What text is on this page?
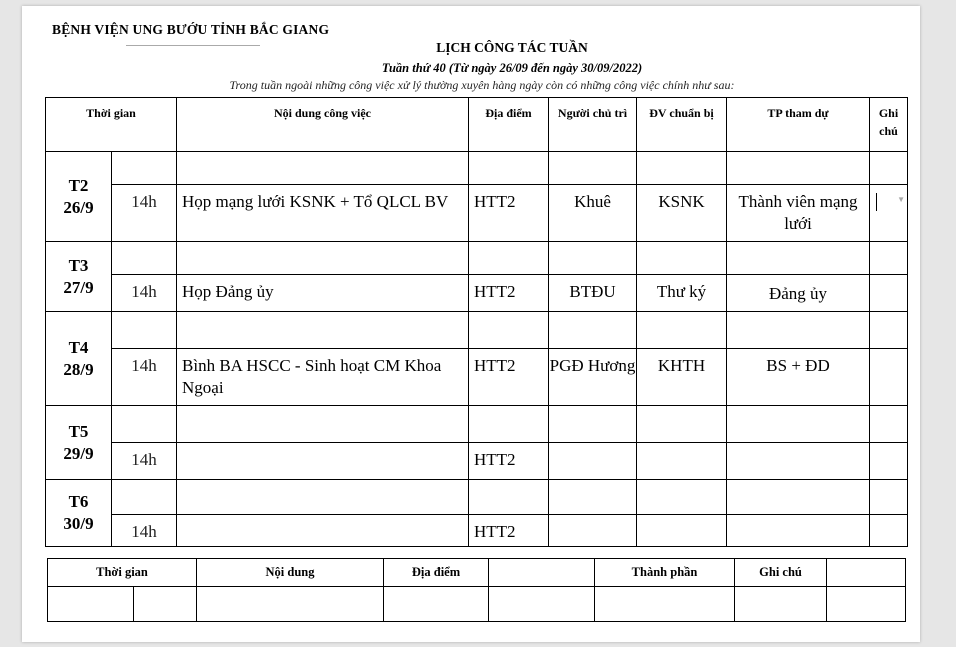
BỆNH VIỆN UNG BƯỚU TỈNH BẮC GIANG
LỊCH CÔNG TÁC TUẦN
Tuần thứ 40 (Từ ngày 26/09 đến ngày 30/09/2022)
Trong tuần ngoài những công việc xử lý thường xuyên hàng ngày còn có những công việc chính như sau:
Thời gian		Nội dung công việc	Địa điểm	Người chủ trì	ĐV chuẩn bị	TP tham dự	Ghi chú
T2
26/9							
	14h	Họp mạng lưới KSNK + Tổ QLCL BV	HTT2	Khuê	KSNK	Thành viên mạng lưới	▼

T3
27/9							
	14h	Họp Đảng ủy	HTT2	BTĐU	Thư ký	Đảng ủy	
T4
28/9							
	14h	Bình BA HSCC - Sinh hoạt CM Khoa Ngoại	HTT2	PGĐ Hương	KHTH	BS + ĐD	
T5
29/9							
	14h		HTT2				
T6
30/9							
	14h		HTT2				
Thời gian		Nội dung	Địa điểm		Thành phần	Ghi chú	
